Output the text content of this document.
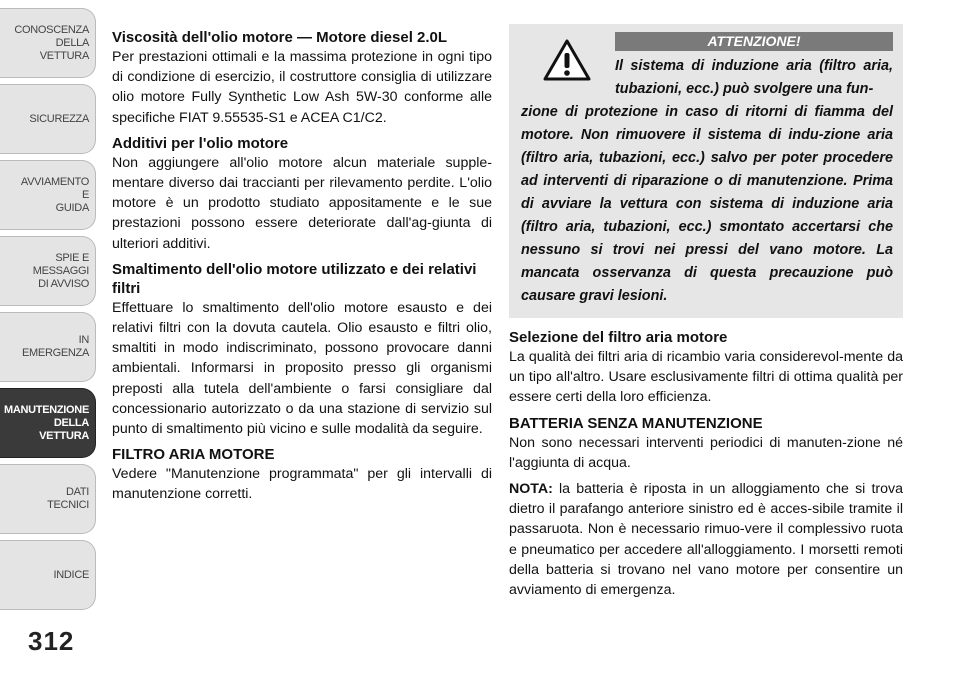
CONOSCENZA
DELLA
VETTURA
SICUREZZA
AVVIAMENTO
E
GUIDA
SPIE E
MESSAGGI
DI AVVISO
IN
EMERGENZA
MANUTENZIONE
DELLA
VETTURA
DATI
TECNICI
INDICE
312
Viscosità dell'olio motore — Motore diesel 2.0L

Per prestazioni ottimali e la massima protezione in ogni tipo di condizione di esercizio, il costruttore consiglia di utilizzare olio motore Fully Synthetic Low Ash 5W-30 conforme alle specifiche FIAT 9.55535-S1 e ACEA C1/C2.

Additivi per l'olio motore

Non aggiungere all'olio motore alcun materiale supple-mentare diverso dai traccianti per rilevamento perdite. L'olio motore è un prodotto studiato appositamente e le sue prestazioni possono essere deteriorate dall'ag-giunta di ulteriori additivi.

Smaltimento dell'olio motore utilizzato e dei relativi filtri

Effettuare lo smaltimento dell'olio motore esausto e dei relativi filtri con la dovuta cautela. Olio esausto e filtri olio, smaltiti in modo indiscriminato, possono provocare danni ambientali. Informarsi in proposito presso gli organismi preposti alla tutela dell'ambiente o farsi consigliare dal concessionario autorizzato o da una stazione di servizio sul punto di smaltimento più vicino e sulle modalità da seguire.

FILTRO ARIA MOTORE

Vedere "Manutenzione programmata" per gli intervalli di manutenzione corretti.

ATTENZIONE!
Il sistema di induzione aria (filtro aria, tubazioni, ecc.) può svolgere una fun-
zione di protezione in caso di ritorni di fiamma del motore. Non rimuovere il sistema di indu-zione aria (filtro aria, tubazioni, ecc.) salvo per poter procedere ad interventi di riparazione o di manutenzione. Prima di avviare la vettura con sistema di induzione aria (filtro aria, tubazioni, ecc.) smontato accertarsi che nessuno si trovi nei pressi del vano motore. La mancata osservanza di questa precauzione può causare gravi lesioni.
Selezione del filtro aria motore

La qualità dei filtri aria di ricambio varia considerevol-mente da un tipo all'altro. Usare esclusivamente filtri di ottima qualità per essere certi della loro efficienza.

BATTERIA SENZA MANUTENZIONE

Non sono necessari interventi periodici di manuten-zione né l'aggiunta di acqua.

NOTA: la batteria è riposta in un alloggiamento che si trova dietro il parafango anteriore sinistro ed è acces-sibile tramite il passaruota. Non è necessario rimuo-vere il complessivo ruota e pneumatico per accedere all'alloggiamento. I morsetti remoti della batteria si trovano nel vano motore per consentire un avviamento di emergenza.
